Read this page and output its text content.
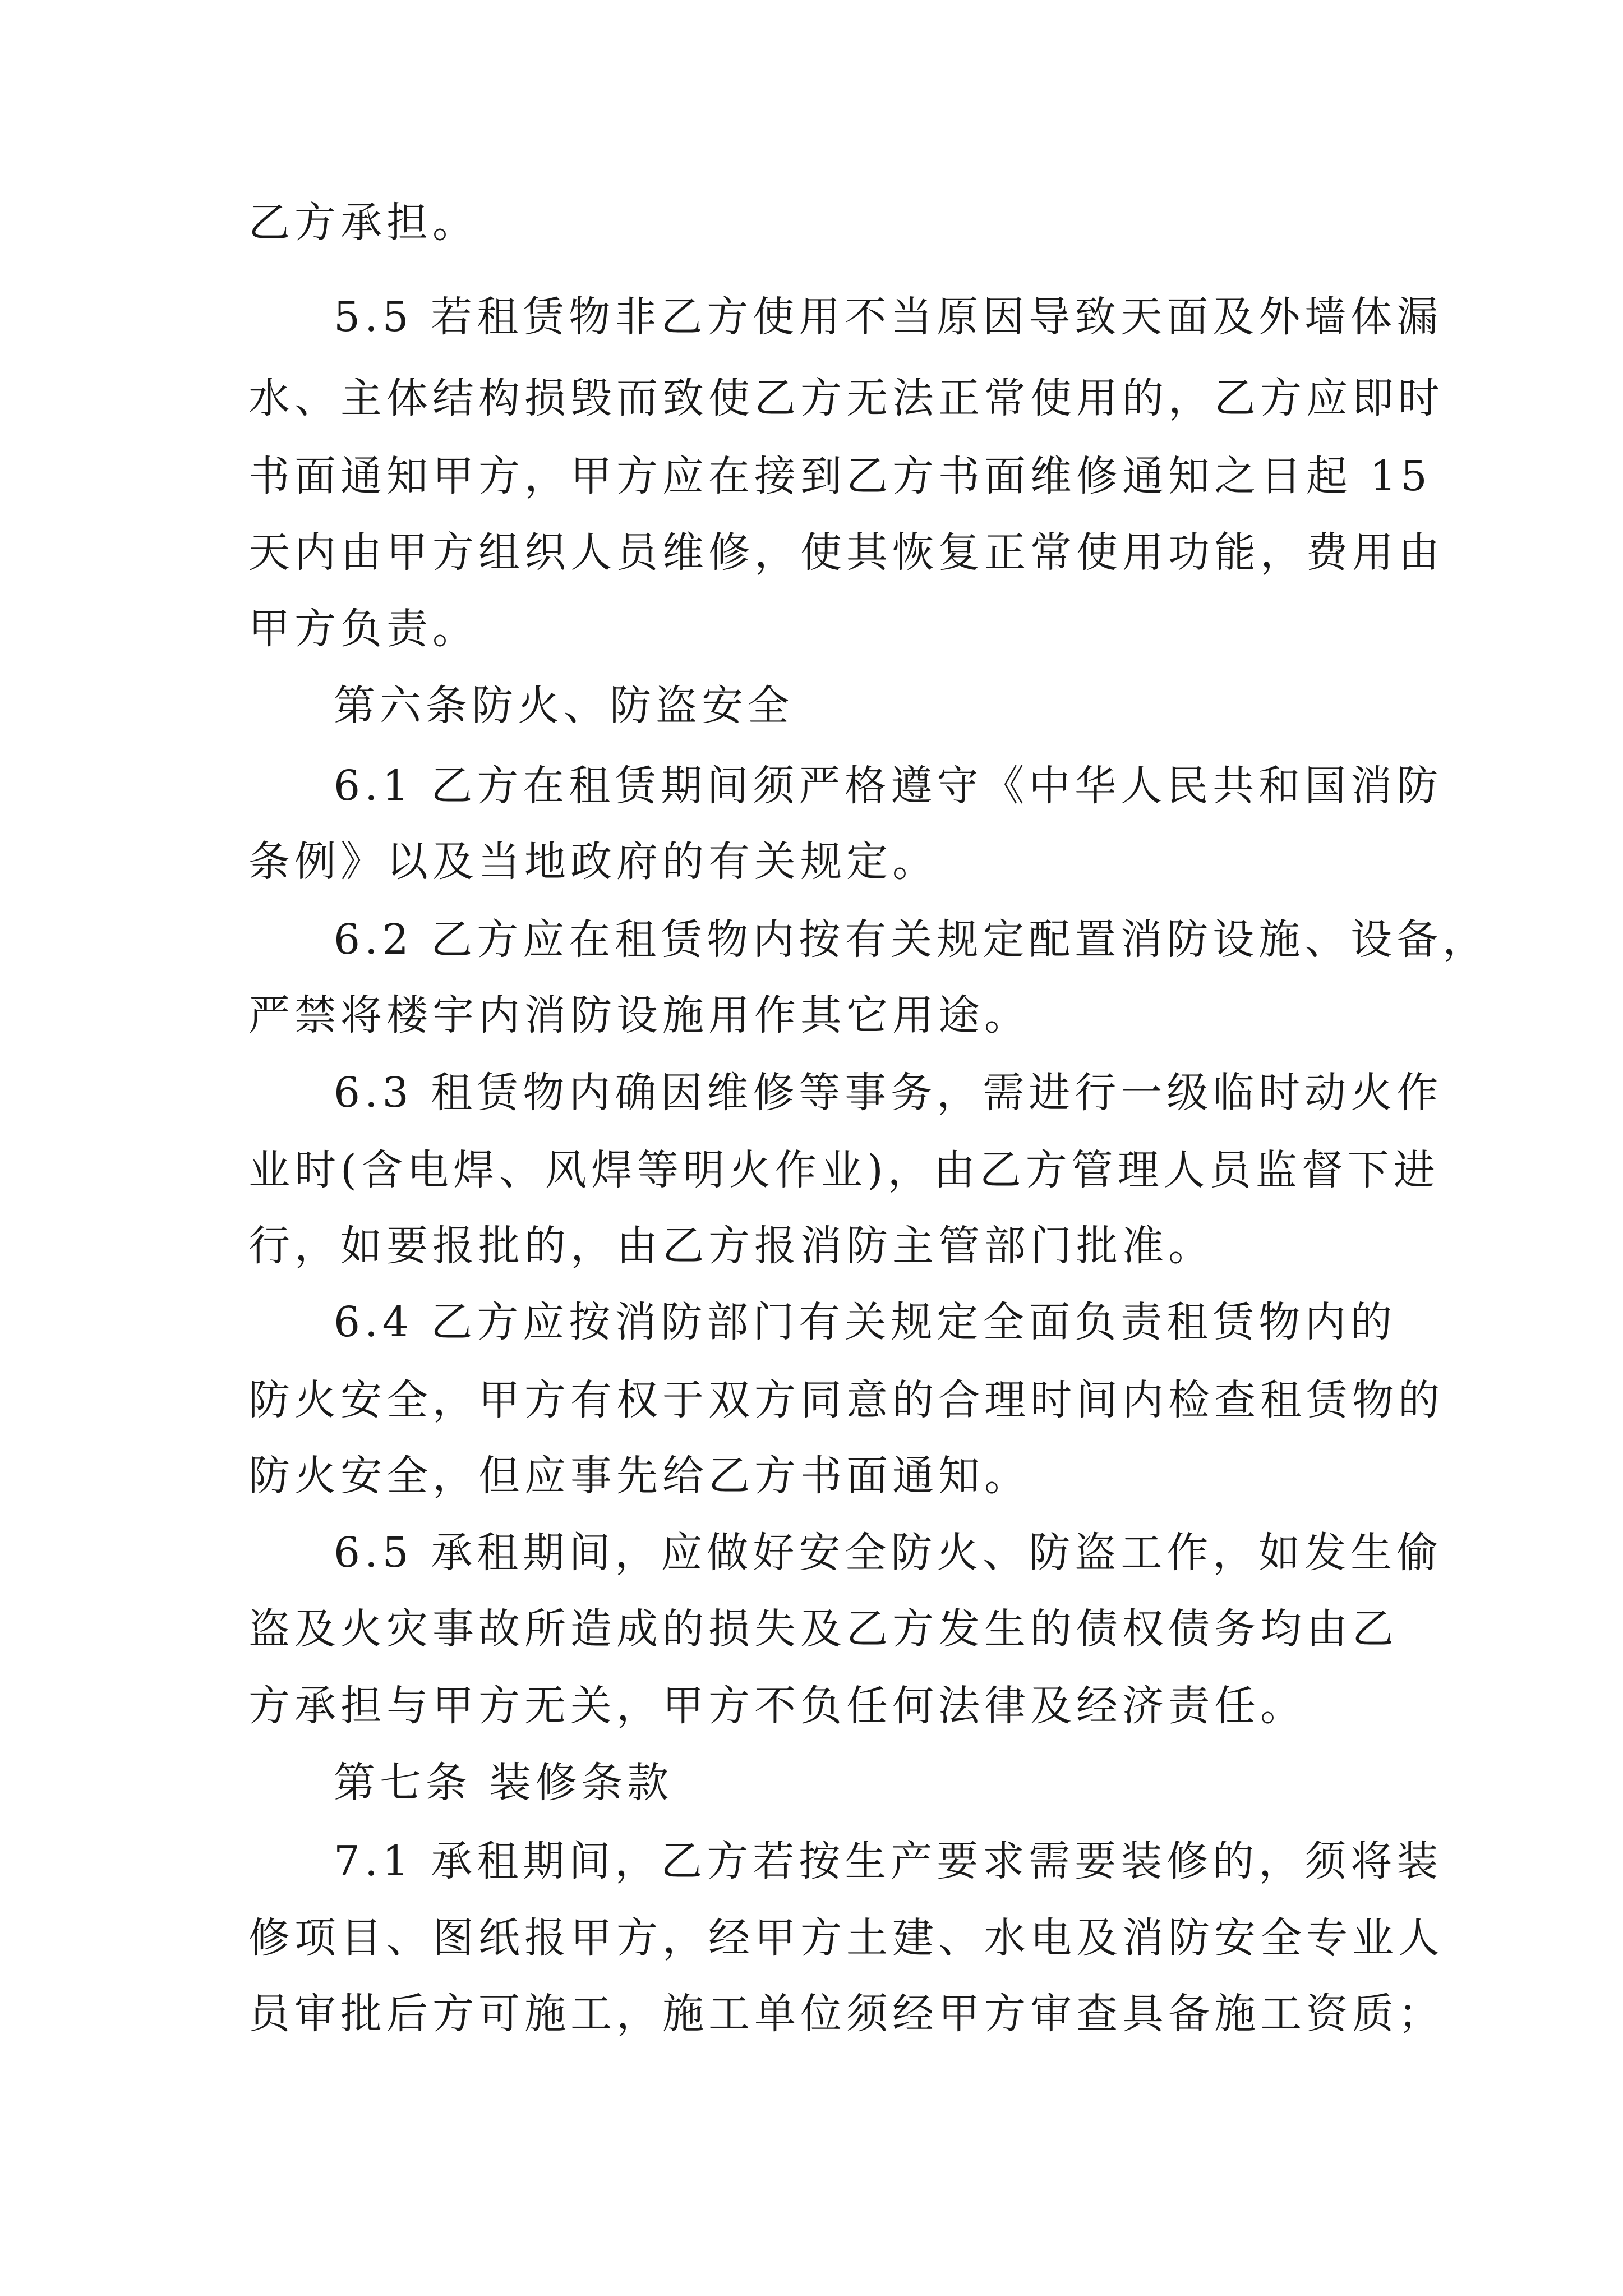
乙方承担。

5.5 若租赁物非乙方使用不当原因导致天面及外墙体漏

水、主体结构损毁而致使乙方无法正常使用的，乙方应即时

书面通知甲方，甲方应在接到乙方书面维修通知之日起 15

天内由甲方组织人员维修，使其恢复正常使用功能，费用由

甲方负责。

第六条防火、防盗安全

6.1 乙方在租赁期间须严格遵守《中华人民共和国消防

条例》以及当地政府的有关规定。

6.2 乙方应在租赁物内按有关规定配置消防设施、设备，

严禁将楼宇内消防设施用作其它用途。

6.3 租赁物内确因维修等事务，需进行一级临时动火作

业时(含电焊、风焊等明火作业)，由乙方管理人员监督下进

行，如要报批的，由乙方报消防主管部门批准。

6.4 乙方应按消防部门有关规定全面负责租赁物内的

防火安全，甲方有权于双方同意的合理时间内检查租赁物的

防火安全，但应事先给乙方书面通知。

6.5 承租期间，应做好安全防火、防盗工作，如发生偷

盗及火灾事故所造成的损失及乙方发生的债权债务均由乙

方承担与甲方无关，甲方不负任何法律及经济责任。

第七条 装修条款

7.1 承租期间，乙方若按生产要求需要装修的，须将装

修项目、图纸报甲方，经甲方土建、水电及消防安全专业人

员审批后方可施工，施工单位须经甲方审查具备施工资质；
